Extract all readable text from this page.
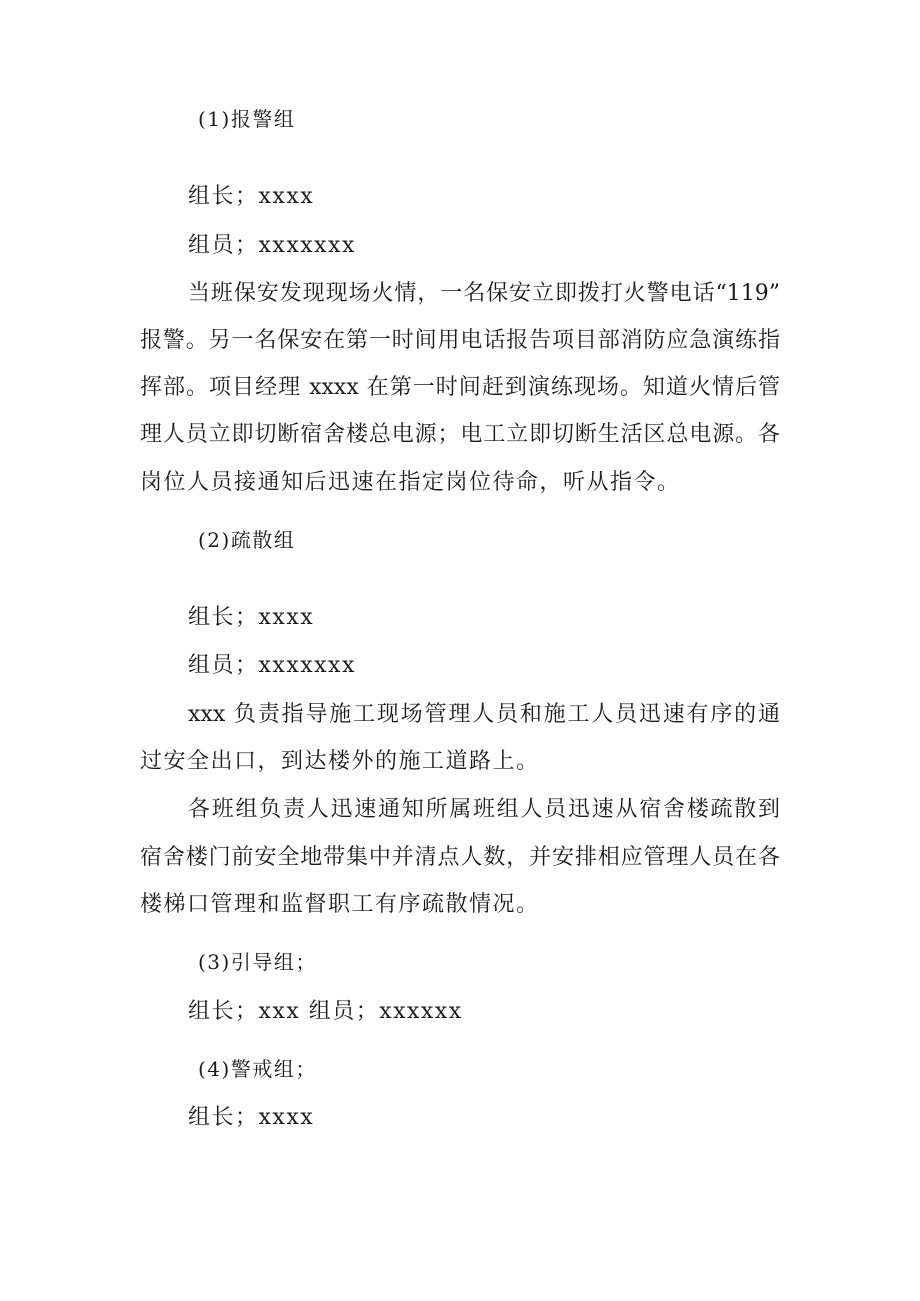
(1)报警组
组长；xxxx
组员；xxxxxxx
当班保安发现现场火情，一名保安立即拨打火警电话“119”
报警。另一名保安在第一时间用电话报告项目部消防应急演练指
挥部。项目经理 xxxx 在第一时间赶到演练现场。知道火情后管
理人员立即切断宿舍楼总电源；电工立即切断生活区总电源。各
岗位人员接通知后迅速在指定岗位待命，听从指令。
(2)疏散组
组长；xxxx
组员；xxxxxxx
xxx 负责指导施工现场管理人员和施工人员迅速有序的通
过安全出口，到达楼外的施工道路上。
各班组负责人迅速通知所属班组人员迅速从宿舍楼疏散到
宿舍楼门前安全地带集中并清点人数，并安排相应管理人员在各
楼梯口管理和监督职工有序疏散情况。
(3)引导组；
组长；xxx 组员；xxxxxx
(4)警戒组；
组长；xxxx
